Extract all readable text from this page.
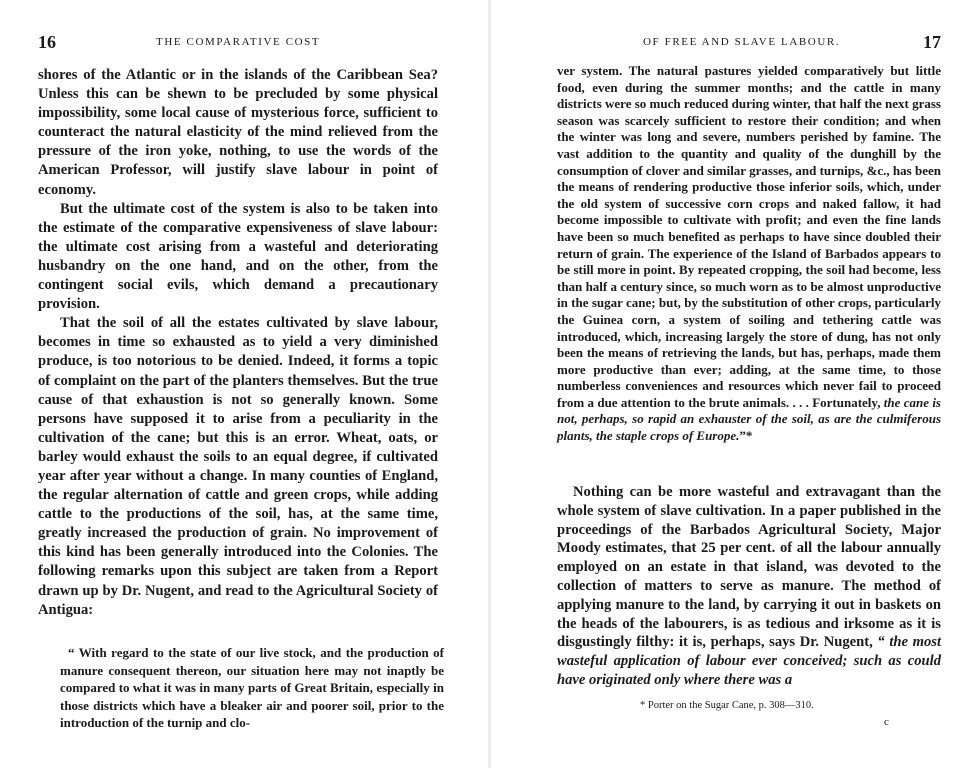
16	THE COMPARATIVE COST

shores of the Atlantic or in the islands of the Caribbean Sea? Unless this can be shewn to be precluded by some physical impossibility, some local cause of mysterious force, sufficient to counteract the natural elasticity of the mind relieved from the pressure of the iron yoke, nothing, to use the words of the American Professor, will justify slave labour in point of economy.

But the ultimate cost of the system is also to be taken into the estimate of the comparative expensiveness of slave labour: the ultimate cost arising from a wasteful and deteriorating husbandry on the one hand, and on the other, from the contingent social evils, which demand a precautionary provision.

That the soil of all the estates cultivated by slave labour, becomes in time so exhausted as to yield a very diminished produce, is too notorious to be denied. Indeed, it forms a topic of complaint on the part of the planters themselves. But the true cause of that exhaustion is not so generally known. Some persons have supposed it to arise from a peculiarity in the cultivation of the cane; but this is an error. Wheat, oats, or barley would exhaust the soils to an equal degree, if cultivated year after year without a change. In many counties of England, the regular alternation of cattle and green crops, while adding cattle to the productions of the soil, has, at the same time, greatly increased the production of grain. No improvement of this kind has been generally introduced into the Colonies. The following remarks upon this subject are taken from a Report drawn up by Dr. Nugent, and read to the Agricultural Society of Antigua:

“ With regard to the state of our live stock, and the production of manure consequent thereon, our situation here may not inaptly be compared to what it was in many parts of Great Britain, especially in those districts which have a bleaker air and poorer soil, prior to the introduction of the turnip and clo-

OF FREE AND SLAVE LABOUR.	17

ver system. The natural pastures yielded comparatively but little food, even during the summer months; and the cattle in many districts were so much reduced during winter, that half the next grass season was scarcely sufficient to restore their condition; and when the winter was long and severe, numbers perished by famine. The vast addition to the quantity and quality of the dunghill by the consumption of clover and similar grasses, and turnips, &c., has been the means of rendering productive those inferior soils, which, under the old system of successive corn crops and naked fallow, it had become impossible to cultivate with profit; and even the fine lands have been so much benefited as perhaps to have since doubled their return of grain. The experience of the Island of Barbados appears to be still more in point. By repeated cropping, the soil had become, less than half a century since, so much worn as to be almost unproductive in the sugar cane; but, by the substitution of other crops, particularly the Guinea corn, a system of soiling and tethering cattle was introduced, which, increasing largely the store of dung, has not only been the means of retrieving the lands, but has, perhaps, made them more productive than ever; adding, at the same time, to those numberless conveniences and resources which never fail to proceed from a due attention to the brute animals. . . . Fortunately, the cane is not, perhaps, so rapid an exhauster of the soil, as are the culmiferous plants, the staple crops of Europe.”*

Nothing can be more wasteful and extravagant than the whole system of slave cultivation. In a paper published in the proceedings of the Barbados Agricultural Society, Major Moody estimates, that 25 per cent. of all the labour annually employed on an estate in that island, was devoted to the collection of matters to serve as manure. The method of applying manure to the land, by carrying it out in baskets on the heads of the labourers, is as tedious and irksome as it is disgustingly filthy: it is, perhaps, says Dr. Nugent, “ the most wasteful application of labour ever conceived; such as could have originated only where there was a

* Porter on the Sugar Cane, p. 308—310.
c
